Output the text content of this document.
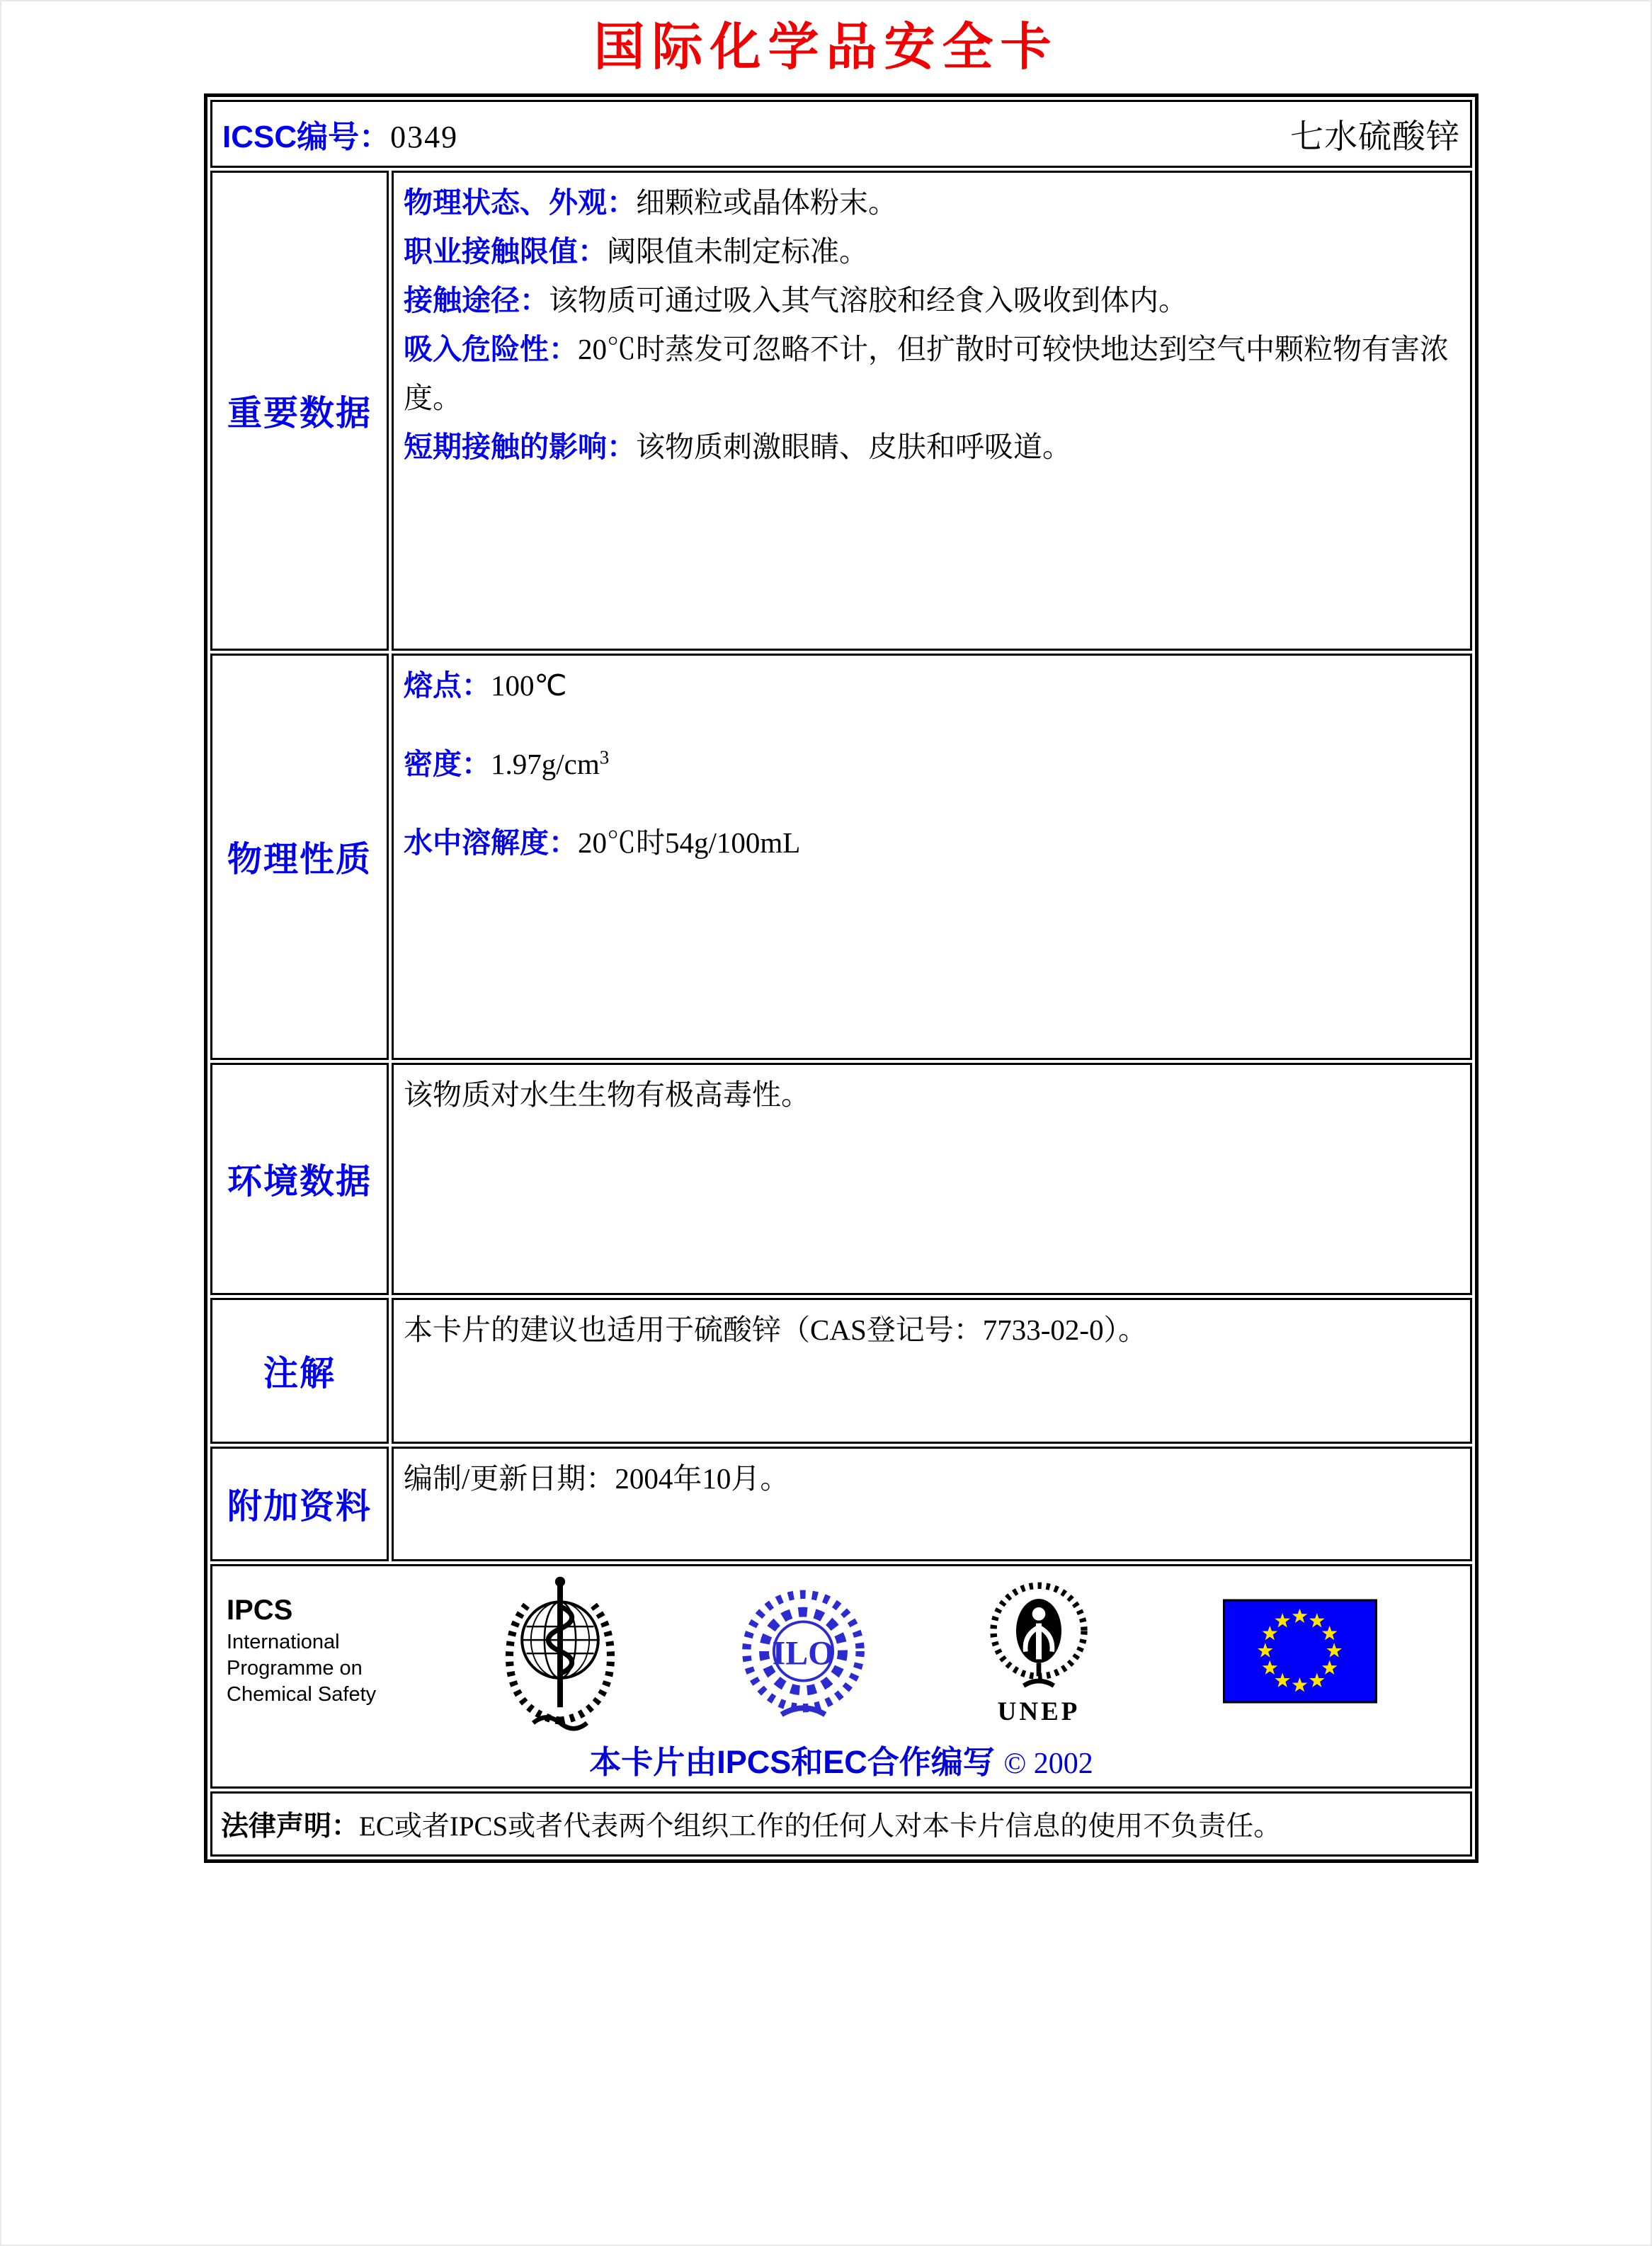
国际化学品安全卡
ICSC编号：0349 七水硫酸锌	

重要数据	物理状态、外观：细颗粒或晶体粉末。
职业接触限值：阈限值未制定标准。
接触途径：该物质可通过吸入其气溶胶和经食入吸收到体内。
吸入危险性：20℃时蒸发可忽略不计，但扩散时可较快地达到空气中颗粒物有害浓度。
短期接触的影响：该物质刺激眼睛、皮肤和呼吸道。

物理性质	熔点：100℃
密度：$1.97g/cm^3$
水中溶解度：20℃时54g/100mL

环境数据	该物质对水生生物有极高毒性。

注解	本卡片的建议也适用于硫酸锌（CAS登记号：7733-02-0）。

附加资料	编制/更新日期：2004年10月。

IPCS
International
Programme on
Chemical Safety
ILO
UNEP
本卡片由IPCS和EC合作编写 © 2002

法律声明：EC或者IPCS或者代表两个组织工作的任何人对本卡片信息的使用不负责任。	
